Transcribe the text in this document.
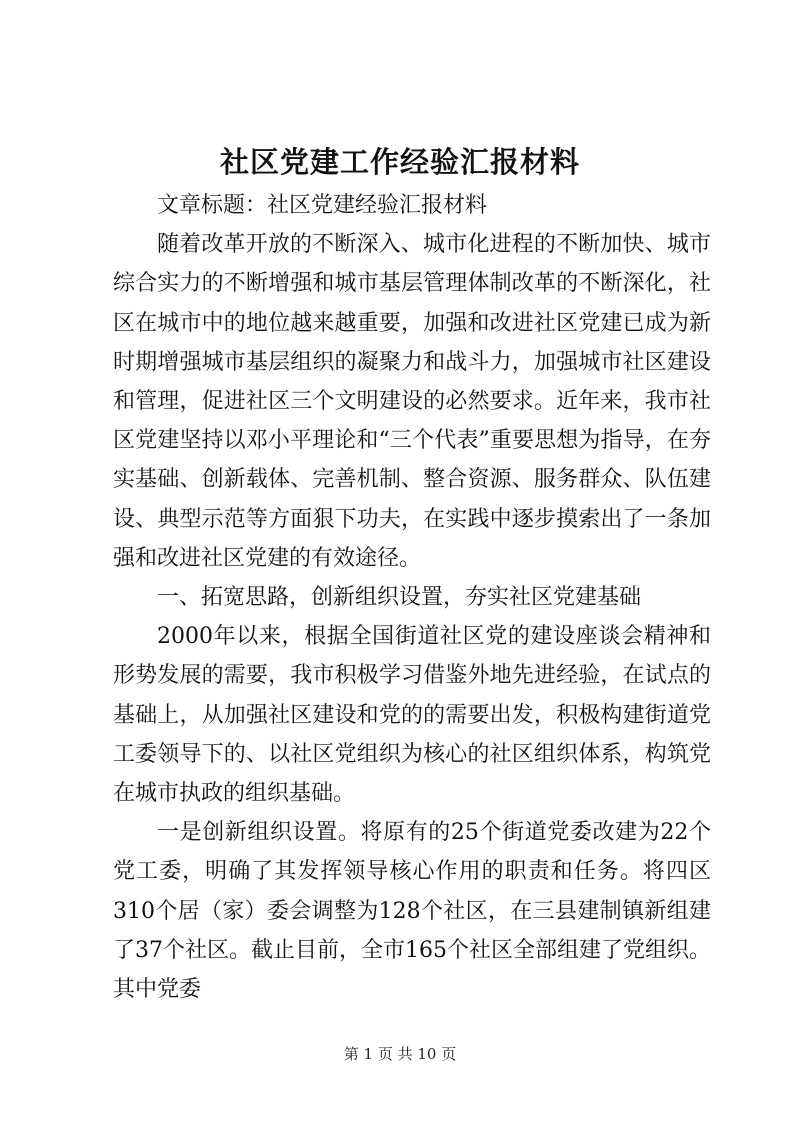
社区党建工作经验汇报材料

文章标题：社区党建经验汇报材料

随着改革开放的不断深入、城市化进程的不断加快、城市综合实力的不断增强和城市基层管理体制改革的不断深化，社区在城市中的地位越来越重要，加强和改进社区党建已成为新时期增强城市基层组织的凝聚力和战斗力，加强城市社区建设和管理，促进社区三个文明建设的必然要求。近年来，我市社区党建坚持以邓小平理论和“三个代表”重要思想为指导，在夯实基础、创新载体、完善机制、整合资源、服务群众、队伍建设、典型示范等方面狠下功夫，在实践中逐步摸索出了一条加强和改进社区党建的有效途径。

一、拓宽思路，创新组织设置，夯实社区党建基础

2000年以来，根据全国街道社区党的建设座谈会精神和形势发展的需要，我市积极学习借鉴外地先进经验，在试点的基础上，从加强社区建设和党的的需要出发，积极构建街道党工委领导下的、以社区党组织为核心的社区组织体系，构筑党在城市执政的组织基础。

一是创新组织设置。将原有的25个街道党委改建为22个党工委，明确了其发挥领导核心作用的职责和任务。将四区310个居（家）委会调整为128个社区，在三县建制镇新组建了37个社区。截止目前，全市165个社区全部组建了党组织。其中党委

第 1 页 共 10 页
